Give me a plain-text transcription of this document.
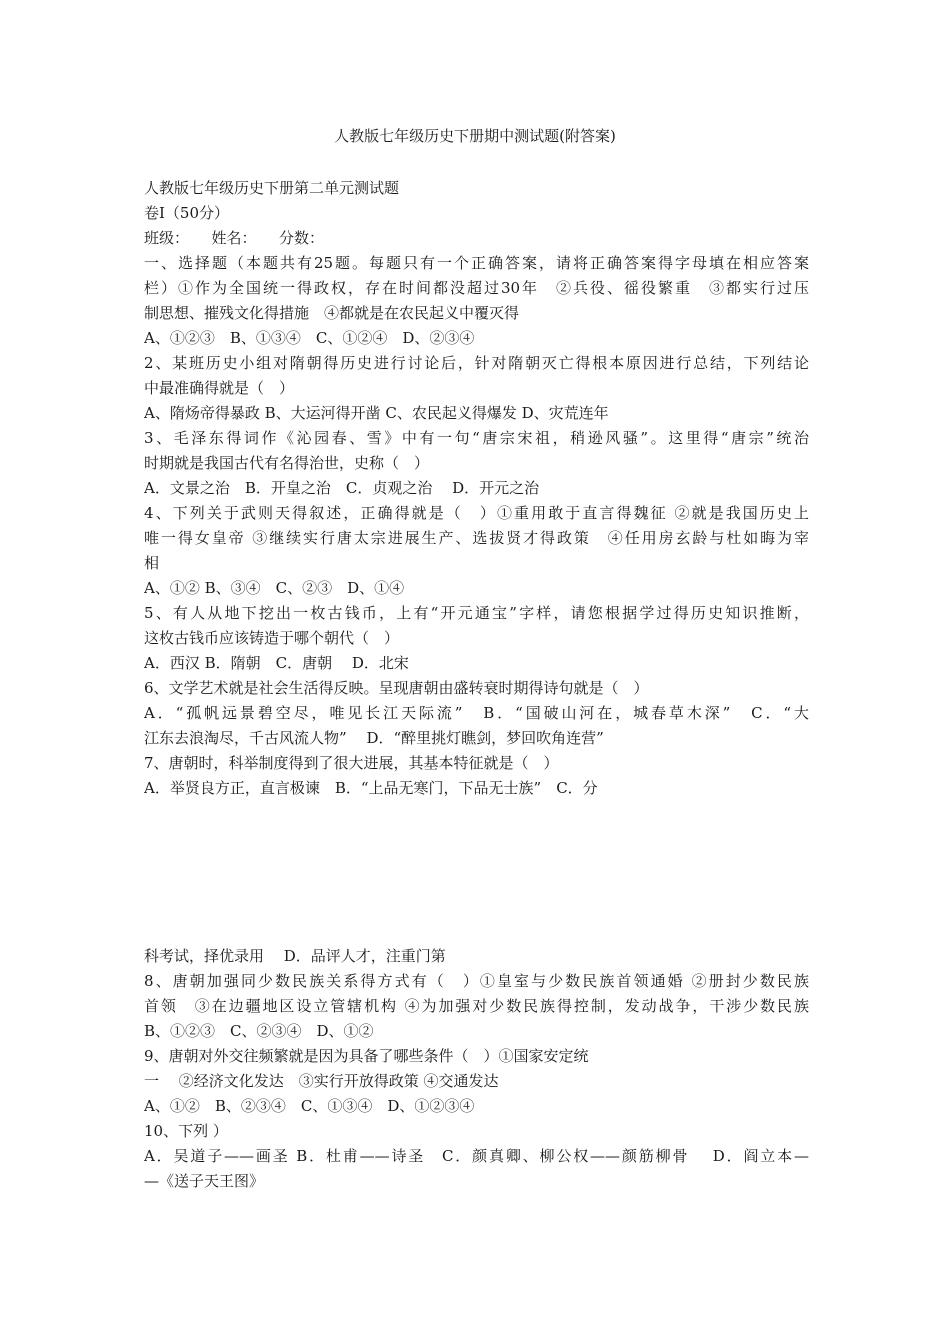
人教版七年级历史下册期中测试题(附答案)
人教版七年级历史下册第二单元测试题
卷Ⅰ（50分）
班级：　　姓名：　　分数：
一、选择题（本题共有25题。每题只有一个正确答案，请将正确答案得字母填在相应答案
栏）①作为全国统一得政权，存在时间都没超过30年　②兵役、徭役繁重　③都实行过压
制思想、摧残文化得措施　④都就是在农民起义中覆灭得
A、①②③　B、①③④　C、①②④　D、②③④
2、某班历史小组对隋朝得历史进行讨论后，针对隋朝灭亡得根本原因进行总结，下列结论
中最准确得就是（　）
A、隋炀帝得暴政 B、大运河得开凿 C、农民起义得爆发 D、灾荒连年
3、毛泽东得词作《沁园春、雪》中有一句“唐宗宋祖，稍逊风骚”。这里得“唐宗”统治
时期就是我国古代有名得治世，史称（　）
A．文景之治　B．开皇之治　C．贞观之治　 D．开元之治
4、下列关于武则天得叙述，正确得就是（　）①重用敢于直言得魏征 ②就是我国历史上
唯一得女皇帝 ③继续实行唐太宗进展生产、选拔贤才得政策　④任用房玄龄与杜如晦为宰
相
A、①② B、③④　C、②③　D、①④
5、有人从地下挖出一枚古钱币，上有“开元通宝”字样，请您根据学过得历史知识推断，
这枚古钱币应该铸造于哪个朝代（　）
A．西汉 B．隋朝　C．唐朝　 D．北宋
6、文学艺术就是社会生活得反映。呈现唐朝由盛转衰时期得诗句就是（　）
A．“孤帆远景碧空尽，唯见长江天际流”　B．“国破山河在，城春草木深”　C．“大
江东去浪淘尽，千古风流人物”　 D．“醉里挑灯瞧剑，梦回吹角连营”
7、唐朝时，科举制度得到了很大进展，其基本特征就是（　）
A．举贤良方正，直言极谏　B．“上品无寒门，下品无士族”　C．分
科考试，择优录用　 D．品评人才，注重门第
8、唐朝加强同少数民族关系得方式有（　）①皇室与少数民族首领通婚 ②册封少数民族
首领　③在边疆地区设立管辖机构 ④为加强对少数民族得控制，发动战争，干涉少数民族
B、①②③　C、②③④　D、①②
9、唐朝对外交往频繁就是因为具备了哪些条件（　）①国家安定统
一　 ②经济文化发达　③实行开放得政策 ④交通发达
A、①②　B、②③④　C、①③④　D、①②③④
10、下列 ）
A．吴道子——画圣 B．杜甫——诗圣　C．颜真卿、柳公权——颜筋柳骨　 D．阎立本—
—《送子天王图》
